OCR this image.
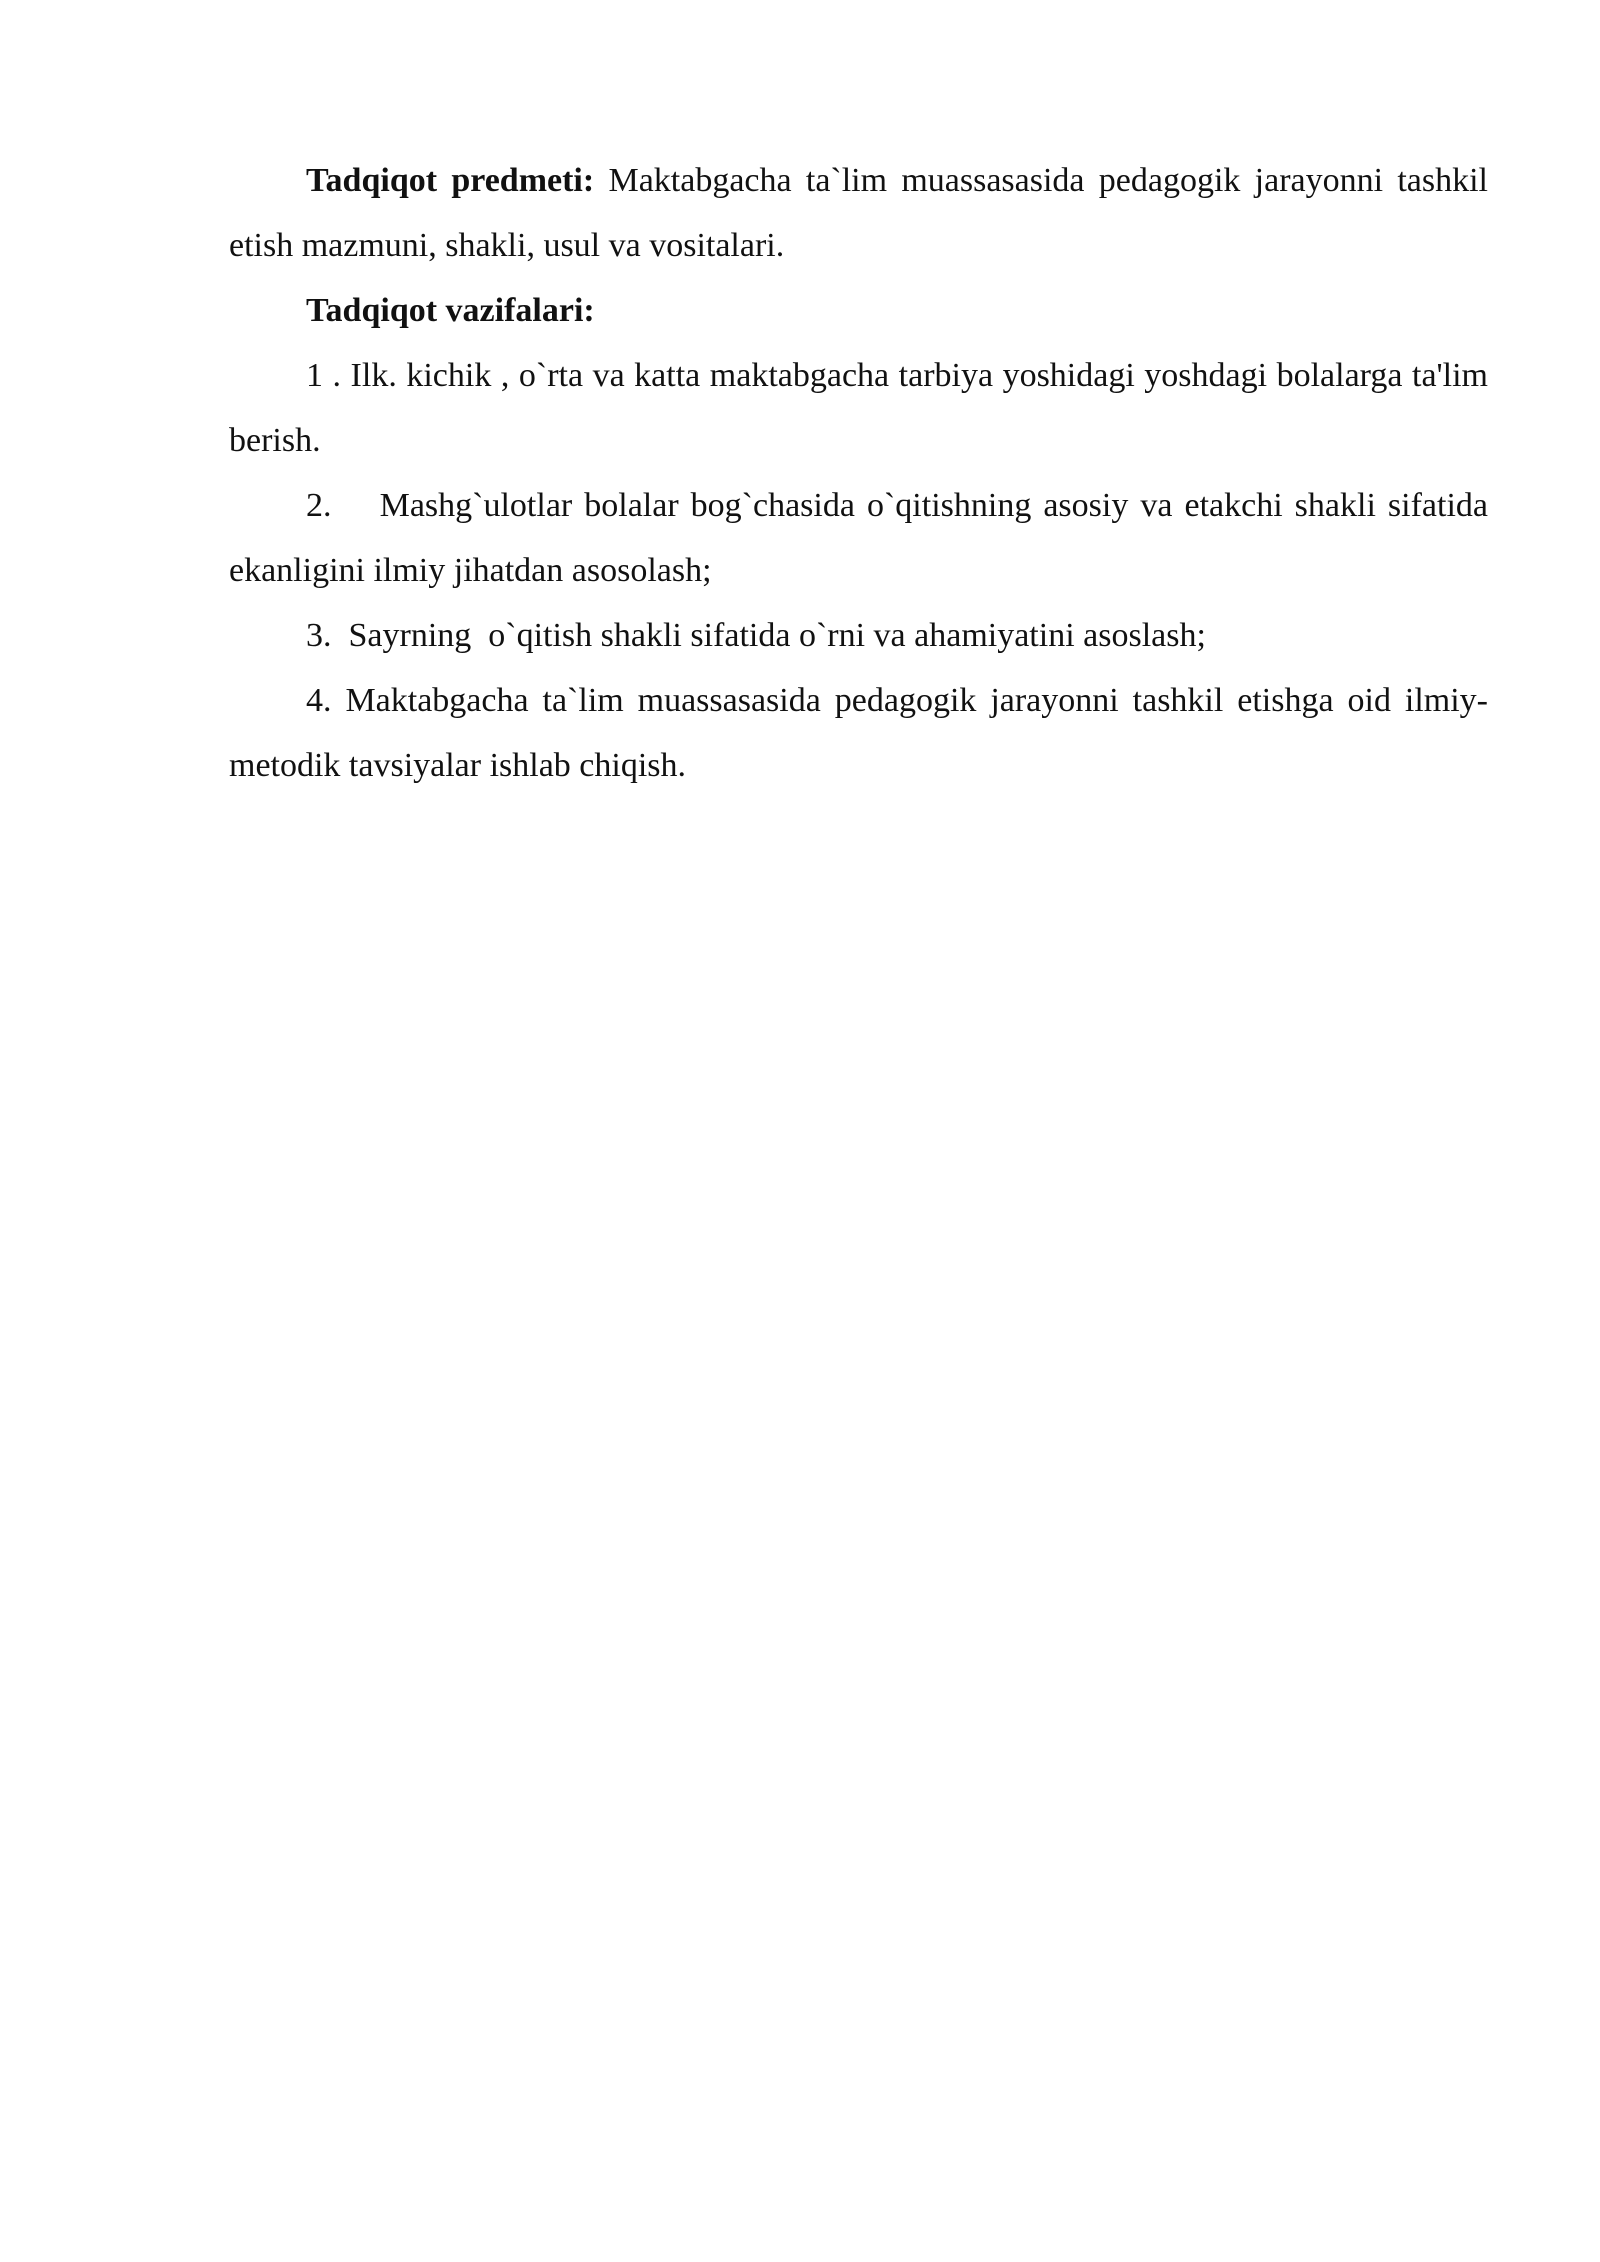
Tadqiqot predmeti: Maktabgacha ta`lim muassasasida pedagogik jarayonni tashkil etish mazmuni, shakli, usul va vositalari.

Tadqiqot vazifalari:

1 . Ilk. kichik , o`rta va katta maktabgacha tarbiya yoshidagi yoshdagi bolalarga ta'lim berish.

2.    Mashg`ulotlar bolalar bog`chasida o`qitishning asosiy va etakchi shakli sifatida ekanligini ilmiy jihatdan asosolash;

3.  Sayrning  o`qitish shakli sifatida o`rni va ahamiyatini asoslash;

4. Maktabgacha ta`lim muassasasida pedagogik jarayonni tashkil etishga oid ilmiy-metodik tavsiyalar ishlab chiqish.
